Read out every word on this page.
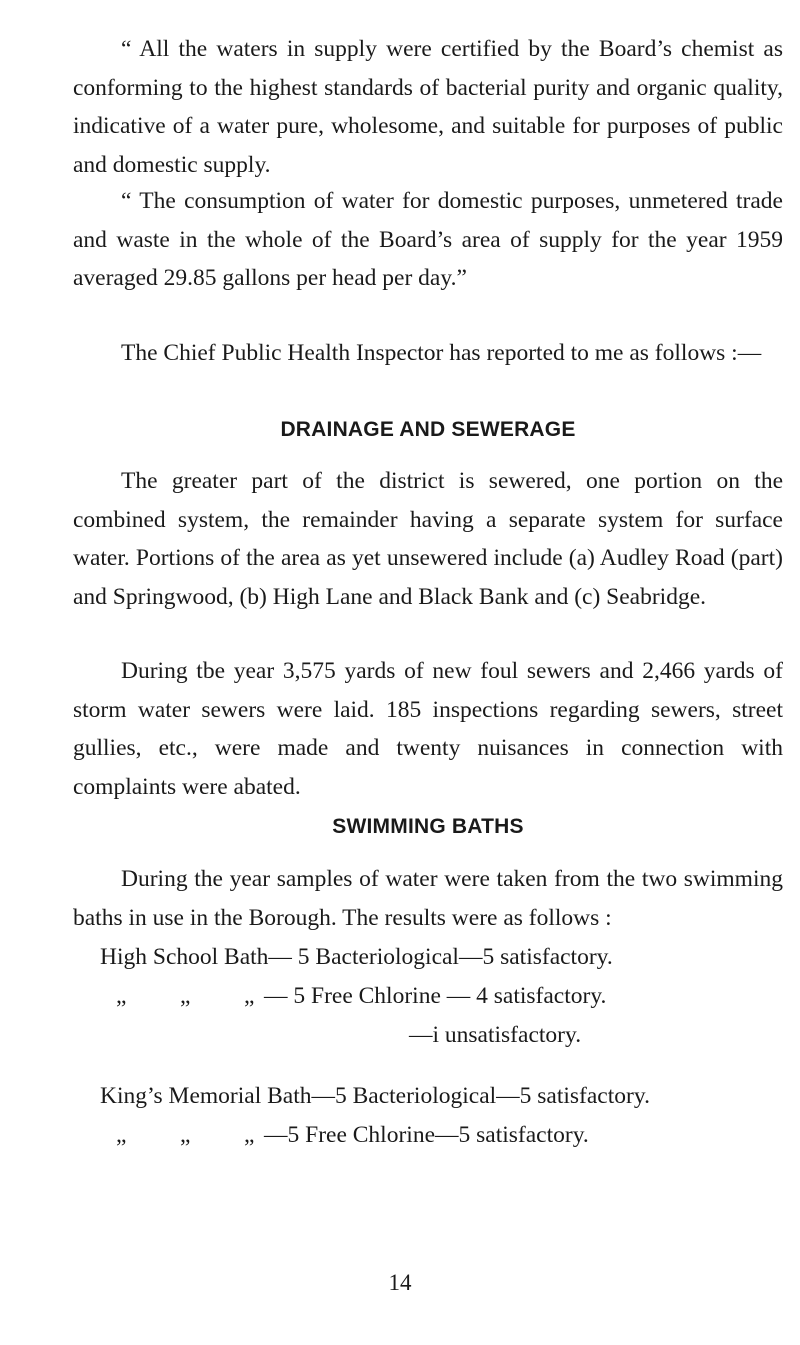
“ All the waters in supply were certified by the Board’s chemist as conforming to the highest standards of bacterial purity and organic quality, indicative of a water pure, wholesome, and suitable for purposes of public and domestic supply.

“ The consumption of water for domestic purposes, unmetered trade and waste in the whole of the Board’s area of supply for the year 1959 averaged 29.85 gallons per head per day.”

The Chief Public Health Inspector has reported to me as follows :—

DRAINAGE AND SEWERAGE

The greater part of the district is sewered, one portion on the combined system, the remainder having a separate system for surface water. Portions of the area as yet unsewered include (a) Audley Road (part) and Springwood, (b) High Lane and Black Bank and (c) Seabridge.

During tbe year 3,575 yards of new foul sewers and 2,466 yards of storm water sewers were laid. 185 inspections regarding sewers, street gullies, etc., were made and twenty nuisances in connection with complaints were abated.

SWIMMING BATHS

During the year samples of water were taken from the two swimming baths in use in the Borough. The results were as follows :

High School Bath— 5 Bacteriological—5 satisfactory.
„ „ „ — 5 Free Chlorine — 4 satisfactory.
—i unsatisfactory.
King’s Memorial Bath—5 Bacteriological—5 satisfactory.
„ „ „ —5 Free Chlorine—5 satisfactory.
14
